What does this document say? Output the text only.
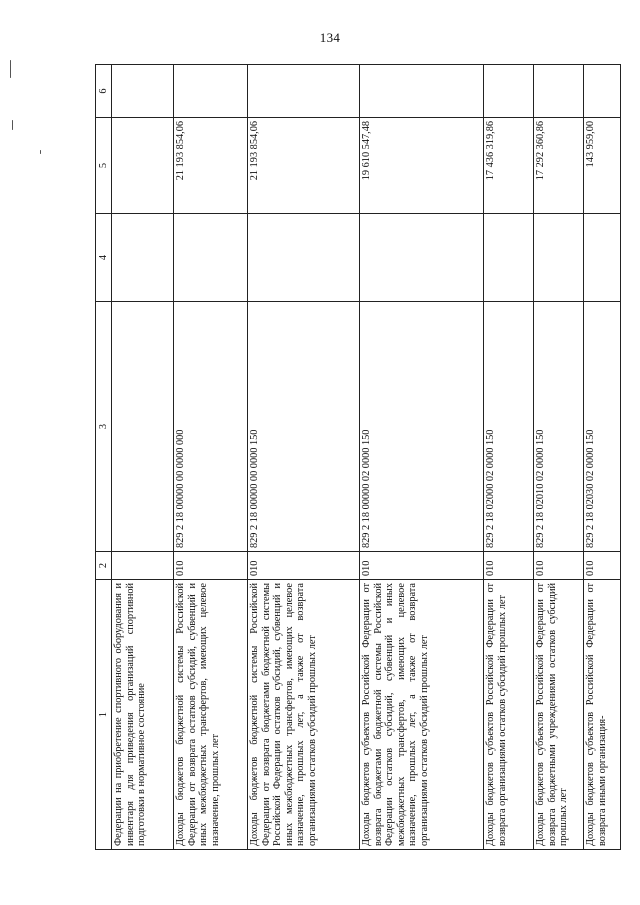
134
1	2	3	4	5	6
Федерации на приобретение спортивного оборудования и инвентаря для приведения организаций спортивной подготовки в нормативное состояние					
Доходы бюджетов бюджетной системы Российской Федерации от возврата остатков субсидий, субвенций и иных межбюджетных трансфертов, имеющих целевое назначение, прошлых лет	010	829 2 18 00000 00 0000 000		21 193 854,06	
Доходы бюджетов бюджетной системы Российской Федерации от возврата бюджетами бюджетной системы Российской Федерации остатков субсидий, субвенций и иных межбюджетных трансфертов, имеющих целевое назначение, прошлых лет, а также от возврата организациями остатков субсидий прошлых лет	010	829 2 18 00000 00 0000 150		21 193 854,06	
Доходы бюджетов субъектов Российской Федерации от возврата бюджетами бюджетной системы Российской Федерации остатков субсидий, субвенций и иных межбюджетных трансфертов, имеющих целевое назначение, прошлых лет, а также от возврата организациями остатков субсидий прошлых лет	010	829 2 18 00000 02 0000 150		19 610 547,48	
Доходы бюджетов субъектов Российской Федерации от возврата организациями остатков субсидий прошлых лет	010	829 2 18 02000 02 0000 150		17 436 319,86	
Доходы бюджетов субъектов Российской Федерации от возврата бюджетными учреждениями остатков субсидий прошлых лет	010	829 2 18 02010 02 0000 150		17 292 360,86	
Доходы бюджетов субъектов Российской Федерации от возврата иными организация-	010	829 2 18 02030 02 0000 150		143 959,00	
